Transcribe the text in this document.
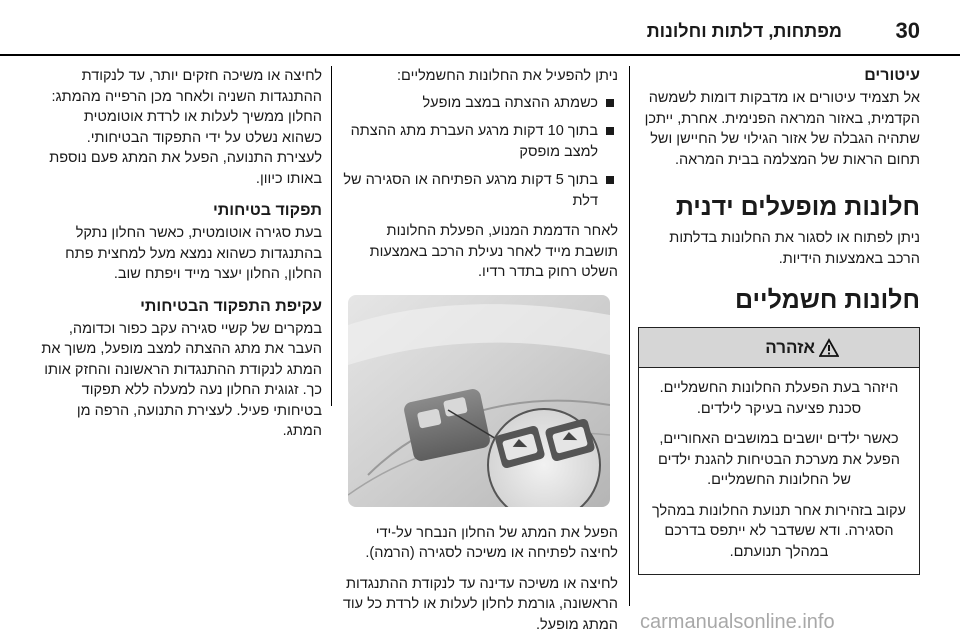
30
מפתחות, דלתות וחלונות
עיטורים

אל תצמיד עיטורים או מדבקות דומות לשמשה הקדמית, באזור המראה הפנימית. אחרת, ייתכן שתהיה הגבלה של אזור הגילוי של החיישן ושל תחום הראות של המצלמה בבית המראה.

חלונות מופעלים ידנית

ניתן לפתוח או לסגור את החלונות בדלתות הרכב באמצעות הידיות.

חלונות חשמליים
אזהרה

היזהר בעת הפעלת החלונות החשמליים. סכנת פציעה בעיקר לילדים.

כאשר ילדים יושבים במושבים האחוריים, הפעל את מערכת הבטיחות להגנת ילדים של החלונות החשמליים.

עקוב בזהירות אחר תנועת החלונות במהלך הסגירה. ודא ששדבר לא ייתפס בדרכם במהלך תנועתם.

ניתן להפעיל את החלונות החשמליים:

כשמתג ההצתה במצב מופעל
בתוך 10 דקות מרגע העברת מתג ההצתה למצב מופסק
בתוך 5 דקות מרגע הפתיחה או הסגירה של דלת

לאחר הדממת המנוע, הפעלת החלונות תושבת מייד לאחר נעילת הרכב באמצעות השלט רחוק בתדר רדיו.

הפעל את המתג של החלון הנבחר על-ידי לחיצה לפתיחה או משיכה לסגירה (הרמה).

לחיצה או משיכה עדינה עד לנקודת ההתנגדות הראשונה, גורמת לחלון לעלות או לרדת כל עוד המתג מופעל.

לחיצה או משיכה חזקים יותר, עד לנקודת ההתנגדות השניה ולאחר מכן הרפייה מהמתג: החלון ממשיך לעלות או לרדת אוטומטית כשהוא נשלט על ידי התפקוד הבטיחותי. לעצירת התנועה, הפעל את המתג פעם נוספת באותו כיוון.

תפקוד בטיחותי

בעת סגירה אוטומטית, כאשר החלון נתקל בהתנגדות כשהוא נמצא מעל למחצית פתח החלון, החלון יעצר מייד ויפתח שוב.

עקיפת התפקוד הבטיחותי

במקרים של קשיי סגירה עקב כפור וכדומה, העבר את מתג ההצתה למצב מופעל, משוך את המתג לנקודת ההתנגדות הראשונה והחזק אותו כך. זגוגית החלון נעה למעלה ללא תפקוד בטיחותי פעיל. לעצירת התנועה, הרפה מן המתג.

carmanualsonline.info
